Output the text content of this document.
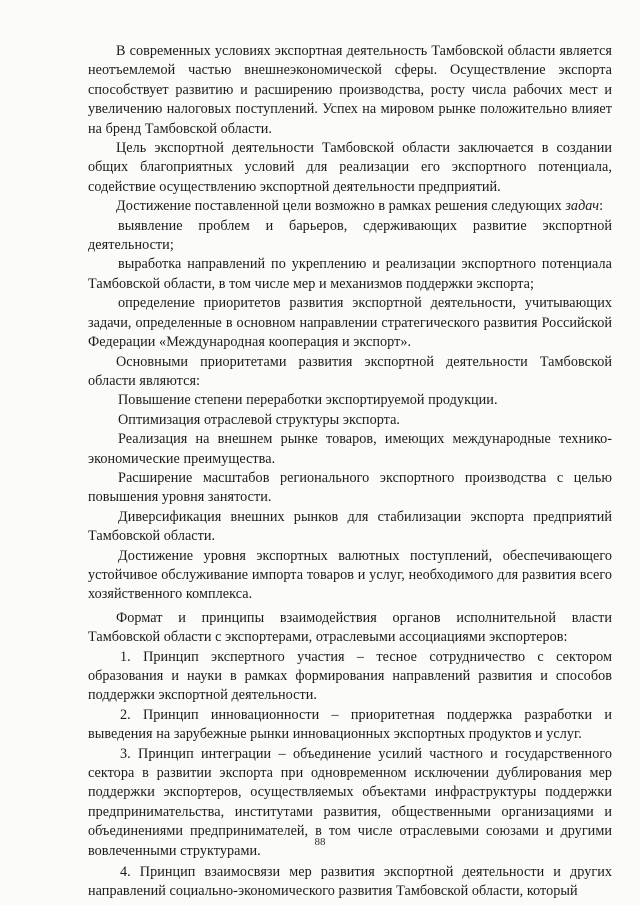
В современных условиях экспортная деятельность Тамбовской области является неотъемлемой частью внешнеэкономической сферы. Осуществление экспорта способствует развитию и расширению производства, росту числа рабочих мест и увеличению налоговых поступлений. Успех на мировом рынке положительно влияет на бренд Тамбовской области.

Цель экспортной деятельности Тамбовской области заключается в создании общих благоприятных условий для реализации его экспортного потенциала, содействие осуществлению экспортной деятельности предприятий.

Достижение поставленной цели возможно в рамках решения следующих задач:

выявление проблем и барьеров, сдерживающих развитие экспортной деятельности;

выработка направлений по укреплению и реализации экспортного потенциала Тамбовской области, в том числе мер и механизмов поддержки экспорта;

определение приоритетов развития экспортной деятельности, учитывающих задачи, определенные в основном направлении стратегического развития Российской Федерации «Международная кооперация и экспорт».

Основными приоритетами развития экспортной деятельности Тамбовской области являются:

Повышение степени переработки экспортируемой продукции.

Оптимизация отраслевой структуры экспорта.

Реализация на внешнем рынке товаров, имеющих международные технико-экономические преимущества.

Расширение масштабов регионального экспортного производства с целью повышения уровня занятости.

Диверсификация внешних рынков для стабилизации экспорта предприятий Тамбовской области.

Достижение уровня экспортных валютных поступлений, обеспечивающего устойчивое обслуживание импорта товаров и услуг, необходимого для развития всего хозяйственного комплекса.

Формат и принципы взаимодействия органов исполнительной власти Тамбовской области с экспортерами, отраслевыми ассоциациями экспортеров:

1. Принцип экспертного участия – тесное сотрудничество с сектором образования и науки в рамках формирования направлений развития и способов поддержки экспортной деятельности.

2. Принцип инновационности – приоритетная поддержка разработки и выведения на зарубежные рынки инновационных экспортных продуктов и услуг.

3. Принцип интеграции – объединение усилий частного и государственного сектора в развитии экспорта при одновременном исключении дублирования мер поддержки экспортеров, осуществляемых объектами инфраструктуры поддержки предпринимательства, институтами развития, общественными организациями и объединениями предпринимателей, в том числе отраслевыми союзами и другими вовлеченными структурами.

4. Принцип взаимосвязи мер развития экспортной деятельности и других направлений социально-экономического развития Тамбовской области, который

88
